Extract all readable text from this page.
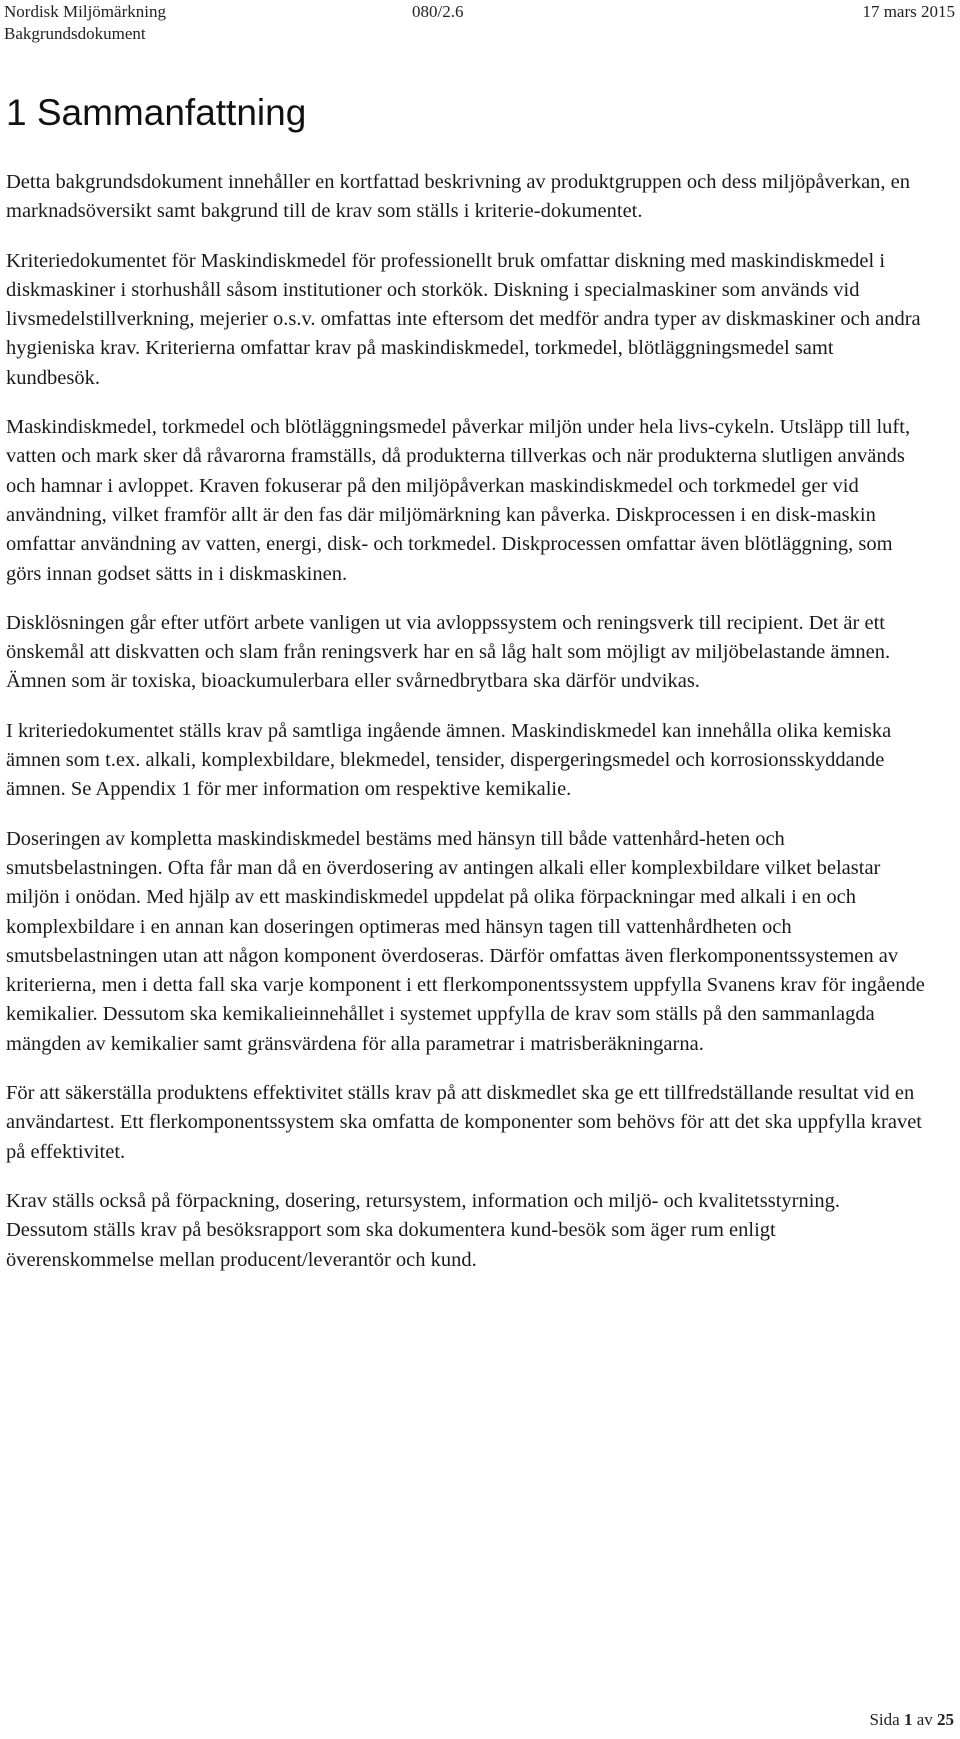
Nordisk Miljömärkning
Bakgrundsdokument
080/2.6	17 mars 2015
1 Sammanfattning

Detta bakgrundsdokument innehåller en kortfattad beskrivning av produktgruppen och dess miljöpåverkan, en marknadsöversikt samt bakgrund till de krav som ställs i kriterie-dokumentet.

Kriteriedokumentet för Maskindiskmedel för professionellt bruk omfattar diskning med maskindiskmedel i diskmaskiner i storhushåll såsom institutioner och storkök. Diskning i specialmaskiner som används vid livsmedelstillverkning, mejerier o.s.v. omfattas inte eftersom det medför andra typer av diskmaskiner och andra hygieniska krav. Kriterierna omfattar krav på maskindiskmedel, torkmedel, blötläggningsmedel samt kundbesök.

Maskindiskmedel, torkmedel och blötläggningsmedel påverkar miljön under hela livs-cykeln. Utsläpp till luft, vatten och mark sker då råvarorna framställs, då produkterna tillverkas och när produkterna slutligen används och hamnar i avloppet. Kraven fokuserar på den miljöpåverkan maskindiskmedel och torkmedel ger vid användning, vilket framför allt är den fas där miljömärkning kan påverka. Diskprocessen i en disk-maskin omfattar användning av vatten, energi, disk- och torkmedel. Diskprocessen omfattar även blötläggning, som görs innan godset sätts in i diskmaskinen.

Disklösningen går efter utfört arbete vanligen ut via avloppssystem och reningsverk till recipient. Det är ett önskemål att diskvatten och slam från reningsverk har en så låg halt som möjligt av miljöbelastande ämnen. Ämnen som är toxiska, bioackumulerbara eller svårnedbrytbara ska därför undvikas.

I kriteriedokumentet ställs krav på samtliga ingående ämnen. Maskindiskmedel kan innehålla olika kemiska ämnen som t.ex. alkali, komplexbildare, blekmedel, tensider, dispergeringsmedel och korrosionsskyddande ämnen. Se Appendix 1 för mer information om respektive kemikalie.

Doseringen av kompletta maskindiskmedel bestäms med hänsyn till både vattenhård-heten och smutsbelastningen. Ofta får man då en överdosering av antingen alkali eller komplexbildare vilket belastar miljön i onödan. Med hjälp av ett maskindiskmedel uppdelat på olika förpackningar med alkali i en och komplexbildare i en annan kan doseringen optimeras med hänsyn tagen till vattenhårdheten och smutsbelastningen utan att någon komponent överdoseras. Därför omfattas även flerkomponentssystemen av kriterierna, men i detta fall ska varje komponent i ett flerkomponentssystem uppfylla Svanens krav för ingående kemikalier. Dessutom ska kemikalieinnehållet i systemet uppfylla de krav som ställs på den sammanlagda mängden av kemikalier samt gränsvärdena för alla parametrar i matrisberäkningarna.

För att säkerställa produktens effektivitet ställs krav på att diskmedlet ska ge ett tillfredställande resultat vid en användartest. Ett flerkomponentssystem ska omfatta de komponenter som behövs för att det ska uppfylla kravet på effektivitet.

Krav ställs också på förpackning, dosering, retursystem, information och miljö- och kvalitetsstyrning. Dessutom ställs krav på besöksrapport som ska dokumentera kund-besök som äger rum enligt överenskommelse mellan producent/leverantör och kund.

Sida 1 av 25
